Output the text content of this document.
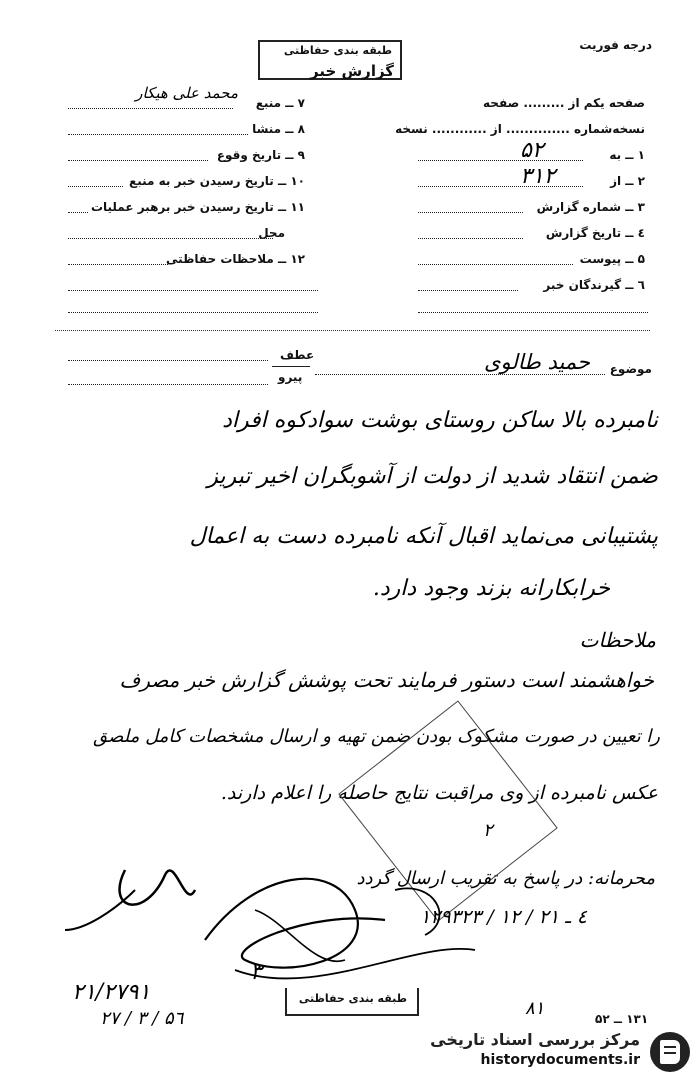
درجه فوریت
طبقه بندی حفاظتی
گزارش خبر
۷ ــ منبع
محمد علی هیکار
۸ ــ منشا
۹ ــ تاریخ وقوع
۱۰ ــ تاریخ رسیدن خبر به منبع
۱۱ ــ تاریخ رسیدن خبر برهبر عملیات
محل
۱۲ ــ ملاحظات حفاظتی
صفحه یکم از ......... صفحه
نسخه‌شماره .............. از ............ نسخه
۱ ــ به
۵۲
۲ ــ از
۳۱۲
۳ ــ شماره گزارش
٤ ــ تاریخ گزارش
۵ ــ پیوست
٦ ــ گیرندگان خبر
موضوع
حمید طالوی
عطف
پیرو
نامبرده بالا ساکن روستای بوشت سوادکوه افراد
ضمن انتقاد شدید از دولت از آشوبگران اخیر تبریز
پشتیبانی می‌نماید اقبال آنکه نامبرده دست به اعمال
خرابکارانه بزند وجود دارد.
ملاحظات
خواهشمند است دستور فرمایند تحت پوشش گزارش خبر مصرف
را تعیین در صورت مشکوک بودن ضمن تهیه و ارسال مشخصات کامل ملصق
عکس نامبرده از وی مراقبت نتایج حاصله را اعلام دارند.
۲
محرمانه: در پاسخ به تقریب ارسال گردد
۱۲۹۳۲۳ / ۱۲ / ٤ ـ ۲۱
۲۱/۲۷۹۱
۲۷ / ۳ / ۵٦	۸۱
۳
طبقه بندی حفاظتی
۱۳۱ ــ ۵۲
مرکز بررسی اسناد تاریخی
historydocuments.ir
